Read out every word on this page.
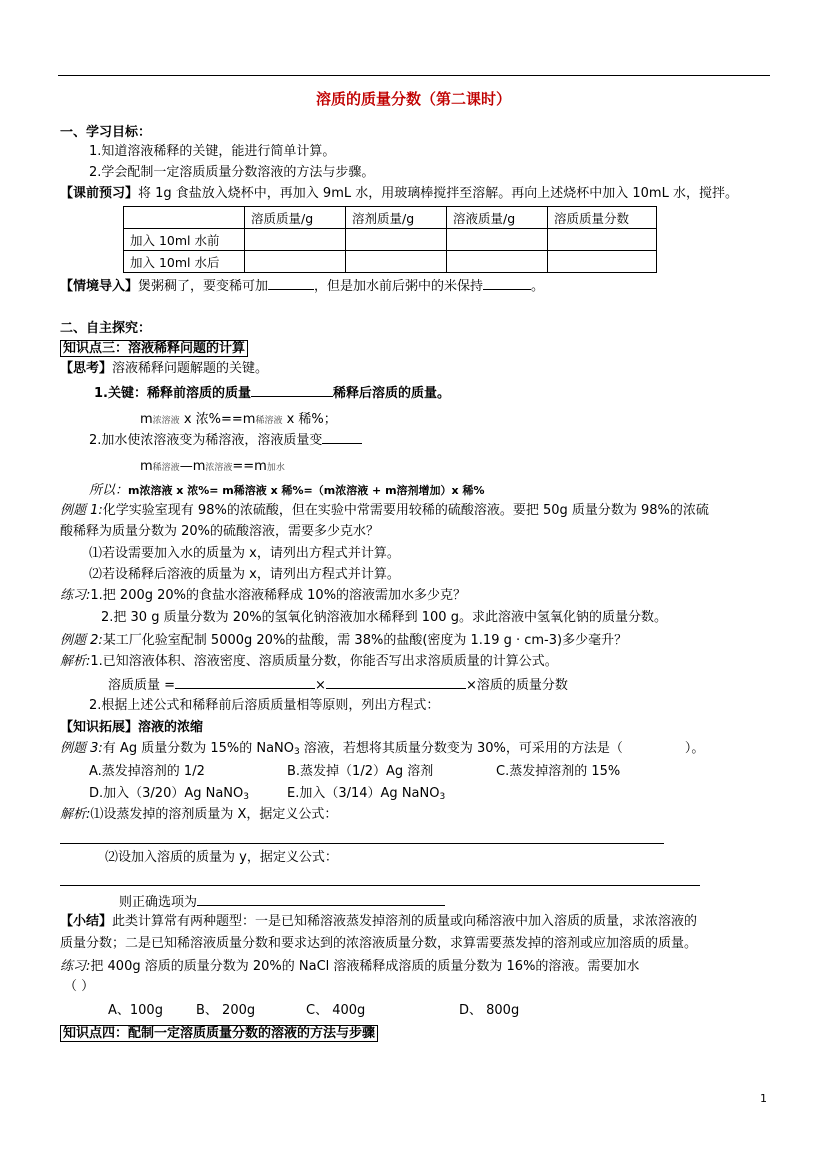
溶质的质量分数（第二课时）
一、学习目标：
1.知道溶液稀释的关键，能进行简单计算。
2.学会配制一定溶质质量分数溶液的方法与步骤。
【课前预习】将 1g 食盐放入烧杯中，再加入 9mL 水，用玻璃棒搅拌至溶解。再向上述烧杯中加入 10mL 水，搅拌。
	溶质质量/g	溶剂质量/g	溶液质量/g	溶质质量分数
加入 10ml 水前				
加入 10ml 水后				
【情境导入】煲粥稠了，要变稀可加	，但是加水前后粥中的米保持	。
二、自主探究：
知识点三：溶液稀释问题的计算
【思考】溶液稀释问题解题的关键。
1.关键：稀释前溶质的质量	稀释后溶质的质量。
m浓溶液 x 浓%==m稀溶液 x 稀%；
2.加水使浓溶液变为稀溶液，溶液质量变
m稀溶液—m浓溶液==m加水
所以：m浓溶液 x 浓%= m稀溶液 x 稀%=（m浓溶液 + m溶剂增加）x 稀%
例题 1:化学实验室现有 98%的浓硫酸，但在实验中常需要用较稀的硫酸溶液。要把 50g 质量分数为 98%的浓硫
酸稀释为质量分数为 20%的硫酸溶液，需要多少克水？
⑴若设需要加入水的质量为 x，请列出方程式并计算。
⑵若设稀释后溶液的质量为 x，请列出方程式并计算。
练习:1.把 200g 20%的食盐水溶液稀释成 10%的溶液需加水多少克？
2.把 30 g 质量分数为 20%的氢氧化钠溶液加水稀释到 100 g。求此溶液中氢氧化钠的质量分数。
例题 2:某工厂化验室配制 5000g 20%的盐酸，需 38%的盐酸(密度为 1.19 g · cm-3)多少毫升？
解析:1.已知溶液体积、溶液密度、溶质质量分数，你能否写出求溶质质量的计算公式。
溶质质量 =	×	×溶质的质量分数
2.根据上述公式和稀释前后溶质质量相等原则，列出方程式：
【知识拓展】溶液的浓缩
例题 3:有 Ag 质量分数为 15%的 NaNO$_3$ 溶液，若想将其质量分数变为 30%，可采用的方法是（	）。
A.蒸发掉溶剂的 1/2	B.蒸发掉（1/2）Ag 溶剂	C.蒸发掉溶剂的 15%
D.加入（3/20）Ag NaNO$_3$	E.加入（3/14）Ag NaNO$_3$
解析:⑴设蒸发掉的溶剂质量为 X，据定义公式：
⑵设加入溶质的质量为 y，据定义公式：
则正确选项为
【小结】此类计算常有两种题型：一是已知稀溶液蒸发掉溶剂的质量或向稀溶液中加入溶质的质量，求浓溶液的
质量分数；二是已知稀溶液质量分数和要求达到的浓溶液质量分数，求算需要蒸发掉的溶剂或应加溶质的质量。
练习:把 400g 溶质的质量分数为 20%的 NaCl 溶液稀释成溶质的质量分数为 16%的溶液。需要加水
（ ）
A、100g	B、 200g	C、 400g	D、 800g
知识点四：配制一定溶质质量分数的溶液的方法与步骤
1
